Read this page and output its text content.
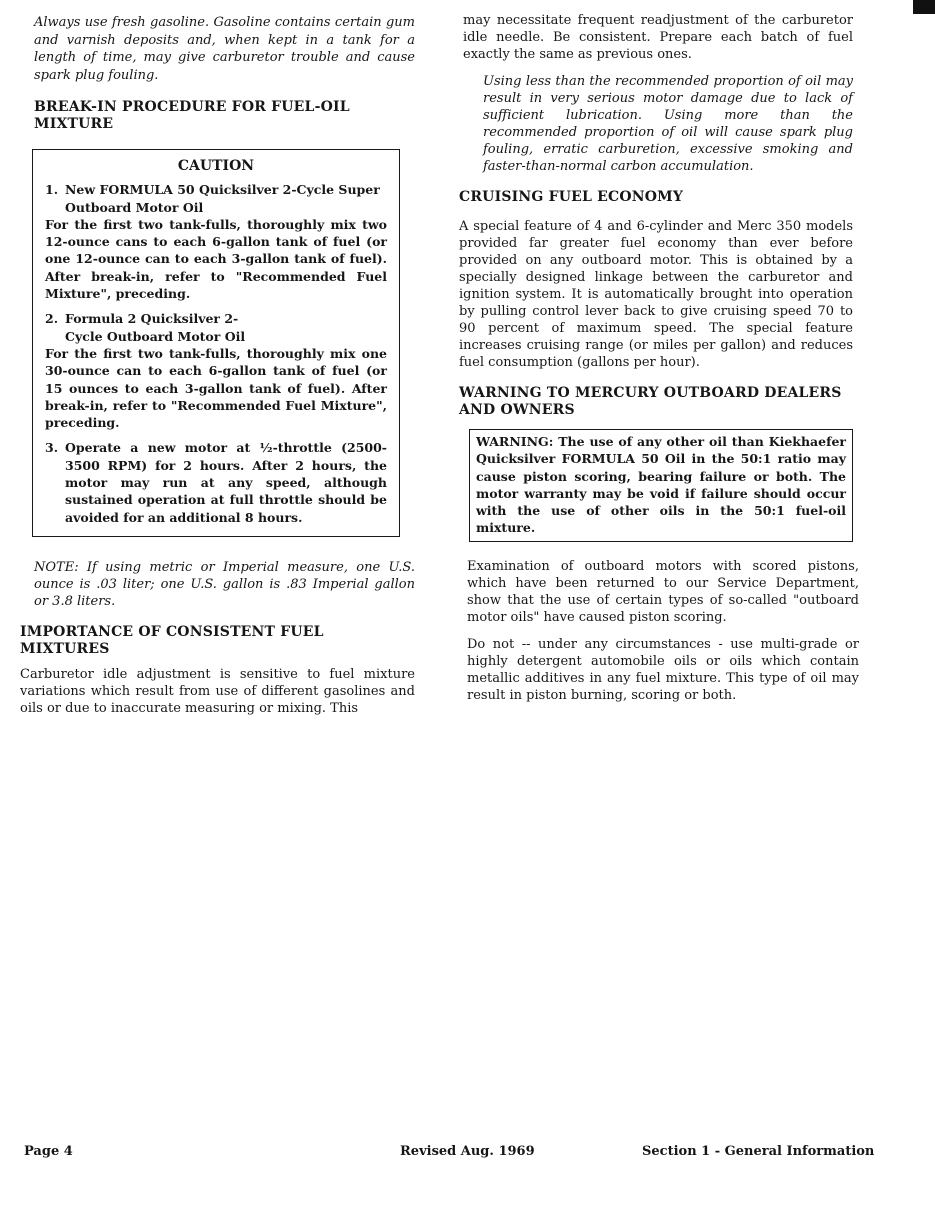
Always use fresh gasoline. Gasoline contains certain gum and varnish deposits and, when kept in a tank for a length of time, may give carburetor trouble and cause spark plug fouling.

BREAK-IN PROCEDURE FOR FUEL-OIL MIXTURE
CAUTION
1. New FORMULA 50 Quicksilver 2-Cycle Super Outboard Motor Oil
For the first two tank-fulls, thoroughly mix two 12-ounce cans to each 6-gallon tank of fuel (or one 12-ounce can to each 3-gallon tank of fuel). After break-in, refer to "Recommended Fuel Mixture", preceding.
2. Formula 2 Quicksilver 2-Cycle Outboard Motor Oil
For the first two tank-fulls, thoroughly mix one 30-ounce can to each 6-gallon tank of fuel (or 15 ounces to each 3-gallon tank of fuel). After break-in, refer to "Recommended Fuel Mixture", preceding.
3. Operate a new motor at ½-throttle (2500-3500 RPM) for 2 hours. After 2 hours, the motor may run at any speed, although sustained operation at full throttle should be avoided for an additional 8 hours.

NOTE: If using metric or Imperial measure, one U.S. ounce is .03 liter; one U.S. gallon is .83 Imperial gallon or 3.8 liters.

IMPORTANCE OF CONSISTENT FUEL MIXTURES

Carburetor idle adjustment is sensitive to fuel mixture variations which result from use of different gasolines and oils or due to inaccurate measuring or mixing. This

may necessitate frequent readjustment of the carburetor idle needle. Be consistent. Prepare each batch of fuel exactly the same as previous ones.

Using less than the recommended proportion of oil may result in very serious motor damage due to lack of sufficient lubrication. Using more than the recommended proportion of oil will cause spark plug fouling, erratic carburetion, excessive smoking and faster-than-normal carbon accumulation.

CRUISING FUEL ECONOMY

A special feature of 4 and 6-cylinder and Merc 350 models provided far greater fuel economy than ever before provided on any outboard motor. This is obtained by a specially designed linkage between the carburetor and ignition system. It is automatically brought into operation by pulling control lever back to give cruising speed 70 to 90 percent of maximum speed. The special feature increases cruising range (or miles per gallon) and reduces fuel consumption (gallons per hour).

WARNING TO MERCURY OUTBOARD DEALERS AND OWNERS
WARNING: The use of any other oil than Kiekhaefer Quicksilver FORMULA 50 Oil in the 50:1 ratio may cause piston scoring, bearing failure or both. The motor warranty may be void if failure should occur with the use of other oils in the 50:1 fuel-oil mixture.

Examination of outboard motors with scored pistons, which have been returned to our Service Department, show that the use of certain types of so-called "outboard motor oils" have caused piston scoring.

Do not -- under any circumstances - use multi-grade or highly detergent automobile oils or oils which contain metallic additives in any fuel mixture. This type of oil may result in piston burning, scoring or both.

Page 4	Revised Aug. 1969	Section 1 - General Information
